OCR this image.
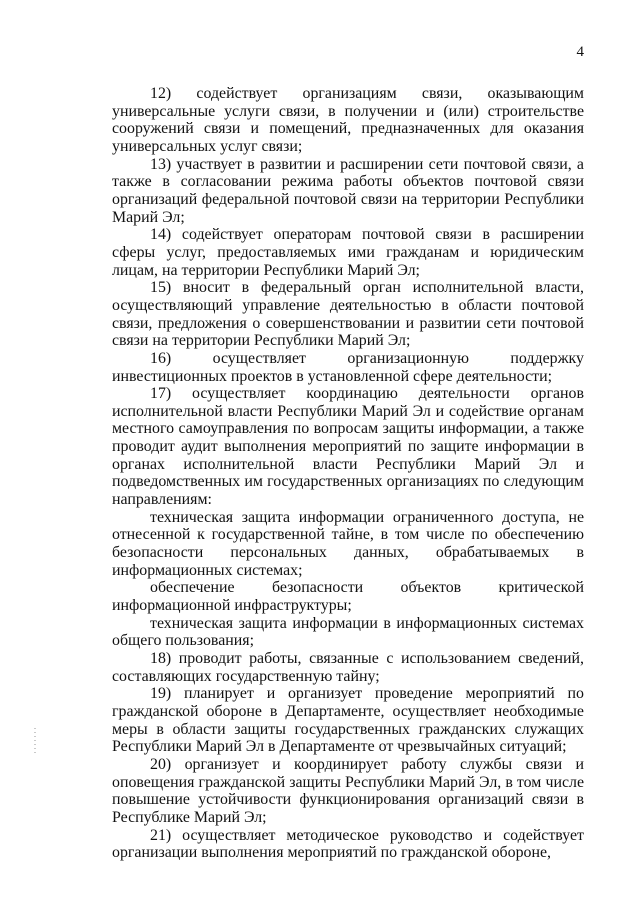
4

12) содействует организациям связи, оказывающим универсальные услуги связи, в получении и (или) строительстве сооружений связи и помещений, предназначенных для оказания универсальных услуг связи;

13) участвует в развитии и расширении сети почтовой связи, а также в согласовании режима работы объектов почтовой связи организаций федеральной почтовой связи на территории Республики Марий Эл;

14) содействует операторам почтовой связи в расширении сферы услуг, предоставляемых ими гражданам и юридическим лицам, на территории Республики Марий Эл;

15) вносит в федеральный орган исполнительной власти, осуществляющий управление деятельностью в области почтовой связи, предложения о совершенствовании и развитии сети почтовой связи на территории Республики Марий Эл;

16) осуществляет организационную поддержку инвестиционных проектов в установленной сфере деятельности;

17) осуществляет координацию деятельности органов исполнительной власти Республики Марий Эл и содействие органам местного самоуправления по вопросам защиты информации, а также проводит аудит выполнения мероприятий по защите информации в органах исполнительной власти Республики Марий Эл и подведомственных им государственных организациях по следующим направлениям:

техническая защита информации ограниченного доступа, не отнесенной к государственной тайне, в том числе по обеспечению безопасности персональных данных, обрабатываемых в информационных системах;

обеспечение безопасности объектов критической информационной инфраструктуры;

техническая защита информации в информационных системах общего пользования;

18) проводит работы, связанные с использованием сведений, составляющих государственную тайну;

19) планирует и организует проведение мероприятий по гражданской обороне в Департаменте, осуществляет необходимые меры в области защиты государственных гражданских служащих Республики Марий Эл в Департаменте от чрезвычайных ситуаций;

20) организует и координирует работу службы связи и оповещения гражданской защиты Республики Марий Эл, в том числе повышение устойчивости функционирования организаций связи в Республике Марий Эл;

21) осуществляет методическое руководство и содействует организации выполнения мероприятий по гражданской обороне,
